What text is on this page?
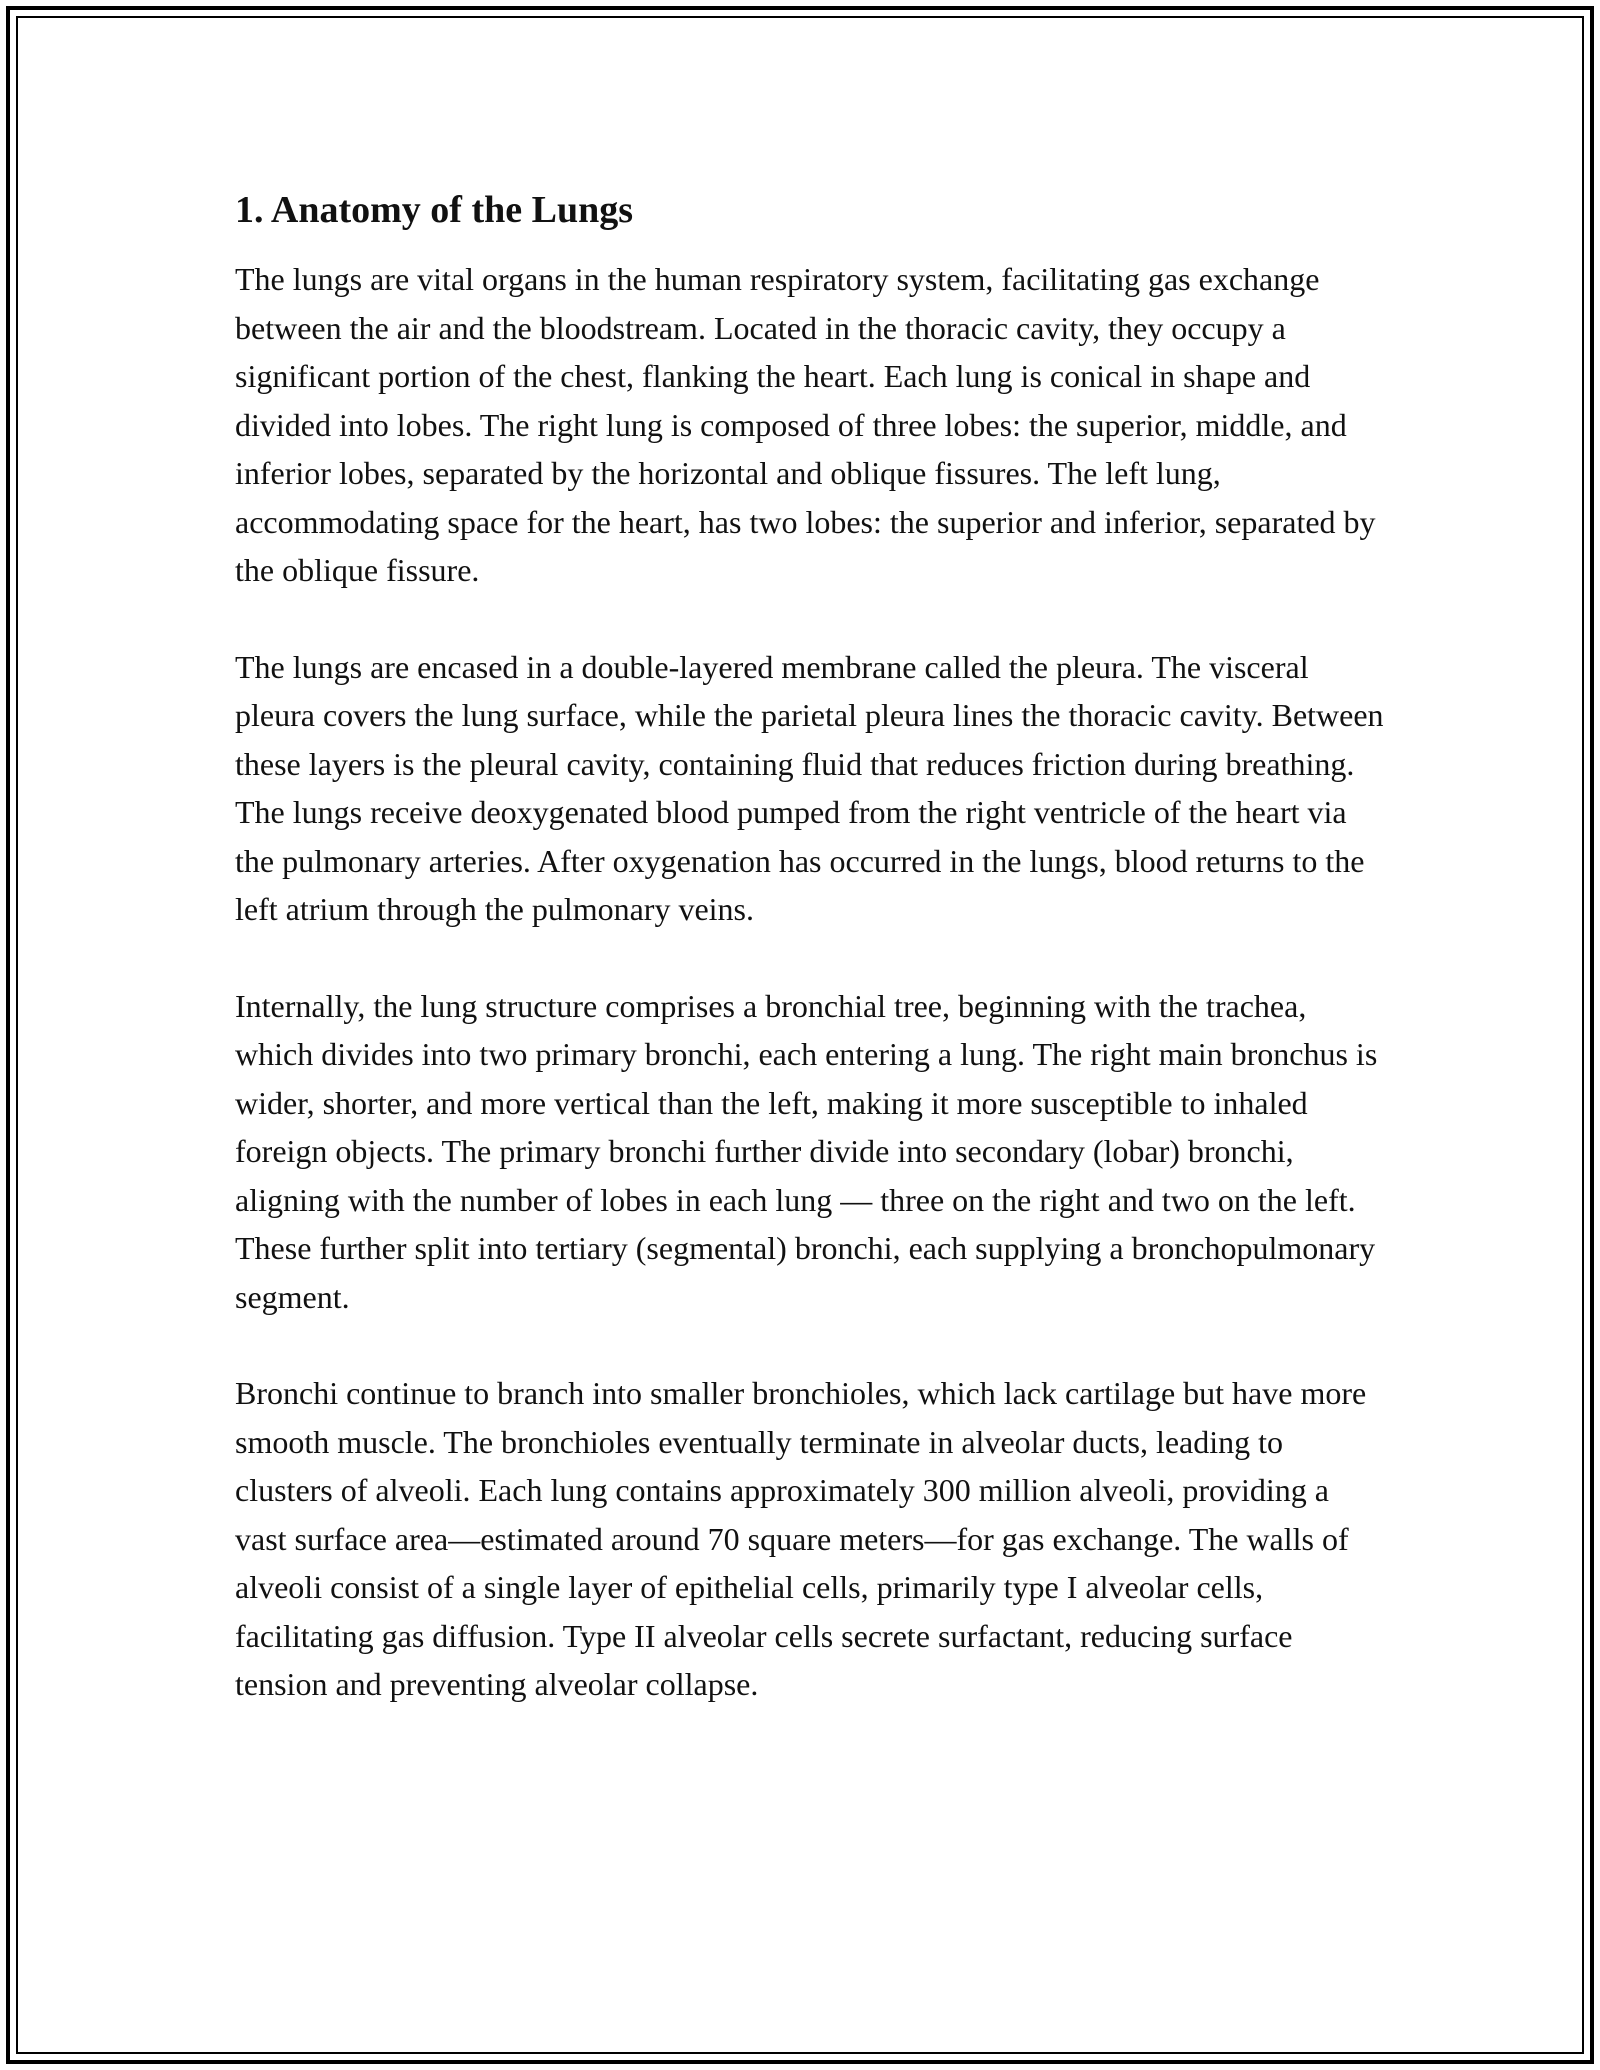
1. Anatomy of the Lungs

The lungs are vital organs in the human respiratory system, facilitating gas exchange between the air and the bloodstream. Located in the thoracic cavity, they occupy a significant portion of the chest, flanking the heart. Each lung is conical in shape and divided into lobes. The right lung is composed of three lobes: the superior, middle, and inferior lobes, separated by the horizontal and oblique fissures. The left lung, accommodating space for the heart, has two lobes: the superior and inferior, separated by the oblique fissure.

The lungs are encased in a double-layered membrane called the pleura. The visceral pleura covers the lung surface, while the parietal pleura lines the thoracic cavity. Between these layers is the pleural cavity, containing fluid that reduces friction during breathing. The lungs receive deoxygenated blood pumped from the right ventricle of the heart via the pulmonary arteries. After oxygenation has occurred in the lungs, blood returns to the left atrium through the pulmonary veins.

Internally, the lung structure comprises a bronchial tree, beginning with the trachea, which divides into two primary bronchi, each entering a lung. The right main bronchus is wider, shorter, and more vertical than the left, making it more susceptible to inhaled foreign objects. The primary bronchi further divide into secondary (lobar) bronchi, aligning with the number of lobes in each lung — three on the right and two on the left. These further split into tertiary (segmental) bronchi, each supplying a bronchopulmonary segment.

Bronchi continue to branch into smaller bronchioles, which lack cartilage but have more smooth muscle. The bronchioles eventually terminate in alveolar ducts, leading to clusters of alveoli. Each lung contains approximately 300 million alveoli, providing a vast surface area—estimated around 70 square meters—for gas exchange. The walls of alveoli consist of a single layer of epithelial cells, primarily type I alveolar cells, facilitating gas diffusion. Type II alveolar cells secrete surfactant, reducing surface tension and preventing alveolar collapse.
